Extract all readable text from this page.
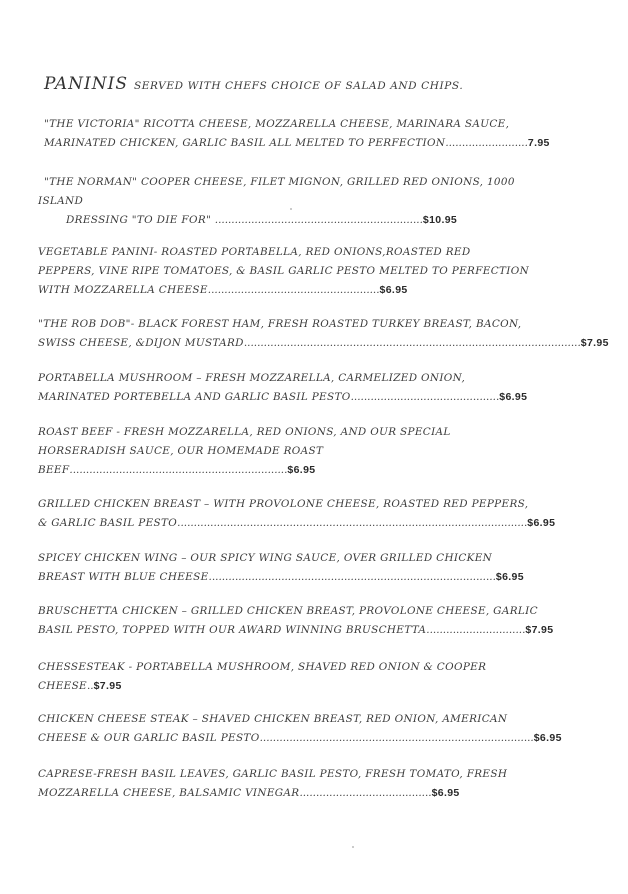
PANINIS SERVED WITH CHEFS CHOICE OF SALAD AND CHIPS.
"THE VICTORIA" RICOTTA CHEESE, MOZZARELLA CHEESE, MARINARA SAUCE,
MARINATED CHICKEN, GARLIC BASIL ALL MELTED TO PERFECTION.........................7.95
"THE NORMAN" COOPER CHEESE, FILET MIGNON, GRILLED RED ONIONS, 1000
ISLAND
DRESSING "TO DIE FOR" ...............................................................$10.95
VEGETABLE PANINI- ROASTED PORTABELLA, RED ONIONS,ROASTED RED
PEPPERS, VINE RIPE TOMATOES, & BASIL GARLIC PESTO MELTED TO PERFECTION
WITH MOZZARELLA CHEESE....................................................$6.95
"THE ROB DOB"- BLACK FOREST HAM, FRESH ROASTED TURKEY BREAST, BACON,
SWISS CHEESE, &DIJON MUSTARD......................................................................................................$7.95
PORTABELLA MUSHROOM – FRESH MOZZARELLA, CARMELIZED ONION,
MARINATED PORTEBELLA AND GARLIC BASIL PESTO.............................................$6.95
ROAST BEEF - FRESH MOZZARELLA, RED ONIONS, AND OUR SPECIAL
HORSERADISH SAUCE, OUR HOMEMADE ROAST
BEEF..................................................................$6.95
GRILLED CHICKEN BREAST – WITH PROVOLONE CHEESE, ROASTED RED PEPPERS,
& GARLIC BASIL PESTO..........................................................................................................$6.95
SPICEY CHICKEN WING – OUR SPICY WING SAUCE, OVER GRILLED CHICKEN
BREAST WITH BLUE CHEESE.......................................................................................$6.95
BRUSCHETTA CHICKEN – GRILLED CHICKEN BREAST, PROVOLONE CHEESE, GARLIC
BASIL PESTO, TOPPED WITH OUR AWARD WINNING BRUSCHETTA..............................$7.95
CHESSESTEAK - PORTABELLA MUSHROOM, SHAVED RED ONION & COOPER
CHEESE..$7.95
CHICKEN CHEESE STEAK – SHAVED CHICKEN BREAST, RED ONION, AMERICAN
CHEESE & OUR GARLIC BASIL PESTO...................................................................................$6.95
CAPRESE-FRESH BASIL LEAVES, GARLIC BASIL PESTO, FRESH TOMATO, FRESH
MOZZARELLA CHEESE, BALSAMIC VINEGAR........................................$6.95
